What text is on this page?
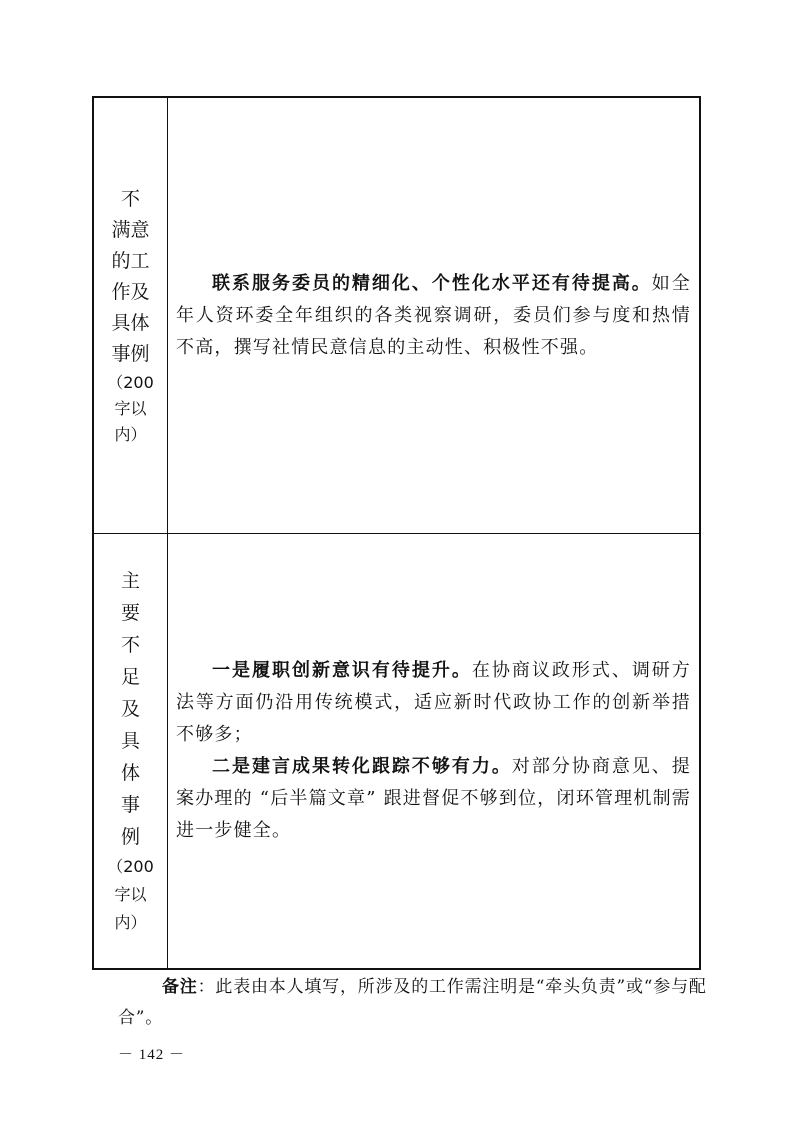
不
满意
的工
作及
具体
事例
（200
字以
内）

联系服务委员的精细化、个性化水平还有待提高。如全年人资环委全年组织的各类视察调研，委员们参与度和热情不高，撰写社情民意信息的主动性、积极性不强。

主
要
不
足
及
具
体
事
例
（200
字以
内）

一是履职创新意识有待提升。在协商议政形式、调研方法等方面仍沿用传统模式，适应新时代政协工作的创新举措不够多；

二是建言成果转化跟踪不够有力。对部分协商意见、提案办理的 “后半篇文章” 跟进督促不够到位，闭环管理机制需进一步健全。

备注：此表由本人填写，所涉及的工作需注明是“牵头负责”或“参与配合”。
－ 142 －
